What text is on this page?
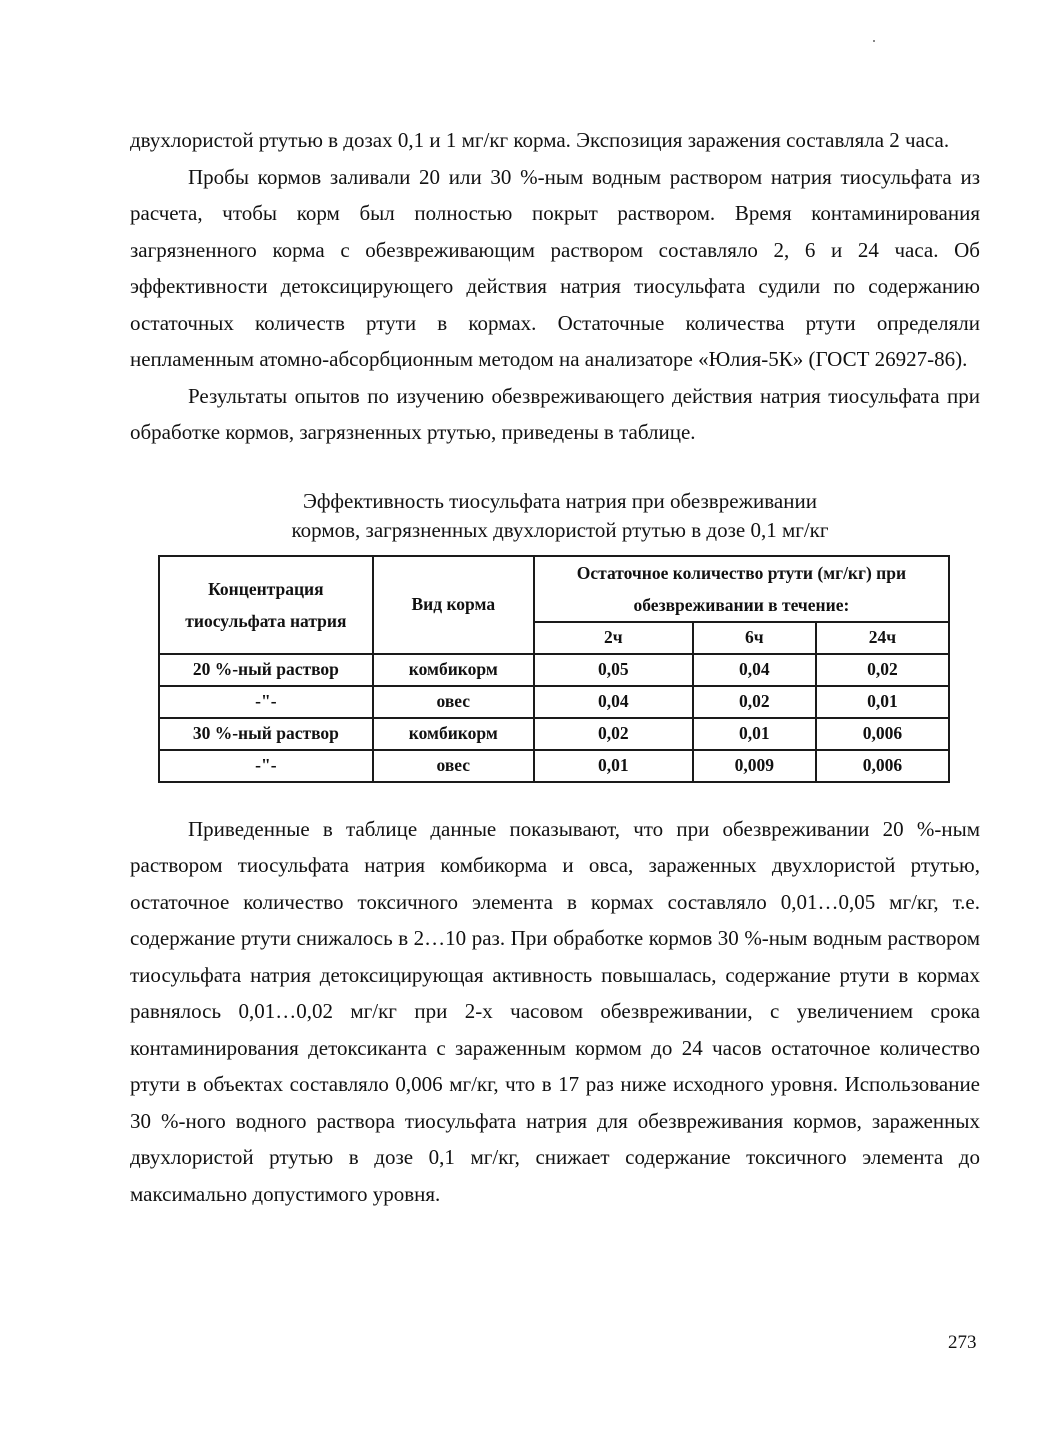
двухлористой ртутью в дозах 0,1 и 1 мг/кг корма. Экспозиция заражения составляла 2 часа.

Пробы кормов заливали 20 или 30 %-ным водным раствором натрия тиосульфата из расчета, чтобы корм был полностью покрыт раствором. Время контаминирования загрязненного корма с обезвреживающим раствором составляло 2, 6 и 24 часа. Об эффективности детоксицирующего действия натрия тиосульфата судили по содержанию остаточных количеств ртути в кормах. Остаточные количества ртути определяли непламенным атомно-абсорбционным методом на анализаторе «Юлия-5К» (ГОСТ 26927-86).

Результаты опытов по изучению обезвреживающего действия натрия тиосульфата при обработке кормов, загрязненных ртутью, приведены в таблице.

Эффективность тиосульфата натрия при обезвреживании
кормов, загрязненных двухлористой ртутью в дозе 0,1 мг/кг
Концентрация тиосульфата натрия	Вид корма	Остаточное количество ртути (мг/кг) при
обезвреживании в течение:		

		2ч	6ч	24ч
20 %-ный раствор	комбикорм	0,05	0,04	0,02
-"-	овес	0,04	0,02	0,01
30 %-ный раствор	комбикорм	0,02	0,01	0,006
-"-	овес	0,01	0,009	0,006

Приведенные в таблице данные показывают, что при обезвреживании 20 %-ным раствором тиосульфата натрия комбикорма и овса, зараженных двухлористой ртутью, остаточное количество токсичного элемента в кормах составляло 0,01…0,05 мг/кг, т.е. содержание ртути снижалось в 2…10 раз. При обработке кормов 30 %-ным водным раствором тиосульфата натрия детоксицирующая активность повышалась, содержание ртути в кормах равнялось 0,01…0,02 мг/кг при 2-х часовом обезвреживании, с увеличением срока контаминирования детоксиканта с зараженным кормом до 24 часов остаточное количество ртути в объектах составляло 0,006 мг/кг, что в 17 раз ниже исходного уровня. Использование 30 %-ного водного раствора тиосульфата натрия для обезвреживания кормов, зараженных двухлористой ртутью в дозе 0,1 мг/кг, снижает содержание токсичного элемента до максимально допустимого уровня.

273
